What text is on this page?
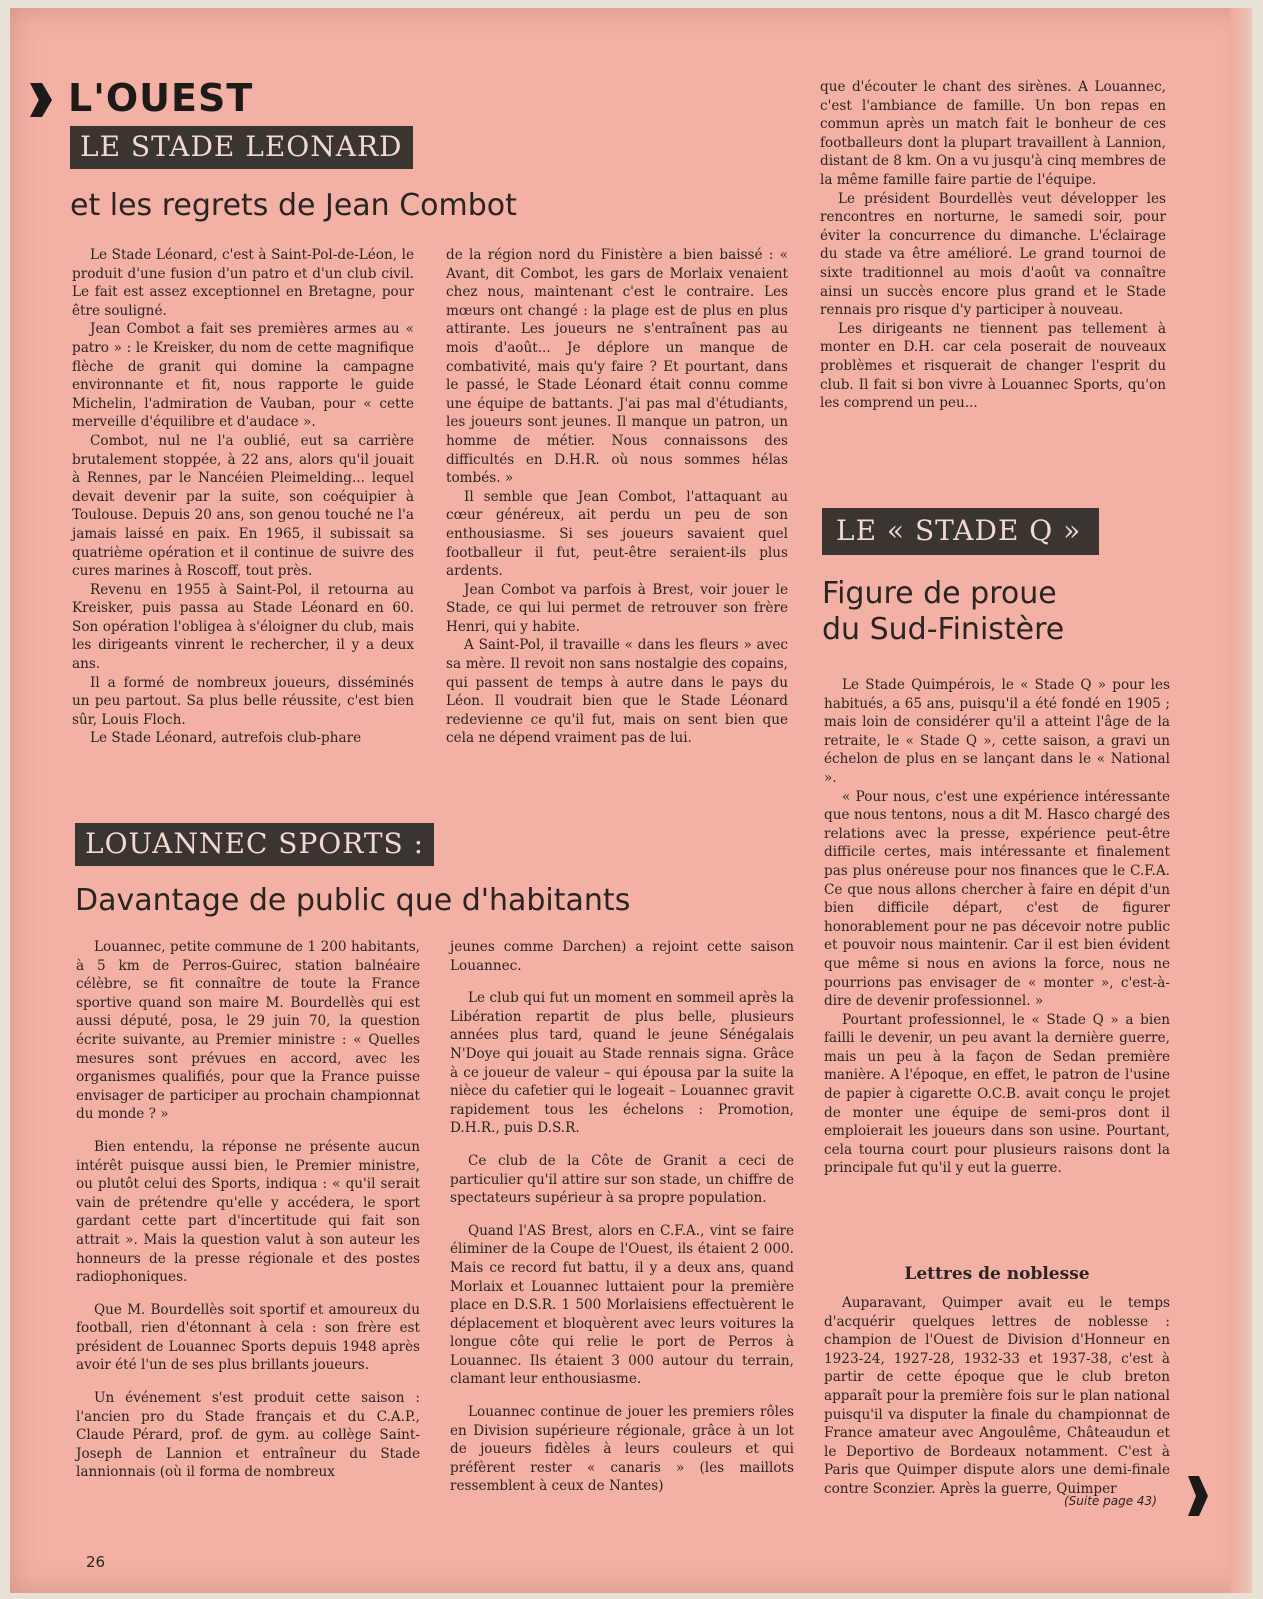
L'OUEST
LE STADE LEONARD
et les regrets de Jean Combot

Le Stade Léonard, c'est à Saint-Pol-de-Léon, le produit d'une fusion d'un patro et d'un club civil. Le fait est assez exceptionnel en Bretagne, pour être souligné.

Jean Combot a fait ses premières armes au « patro » : le Kreisker, du nom de cette magnifique flèche de granit qui domine la campagne environnante et fit, nous rapporte le guide Michelin, l'admiration de Vauban, pour « cette merveille d'équilibre et d'audace ».

Combot, nul ne l'a oublié, eut sa carrière brutalement stoppée, à 22 ans, alors qu'il jouait à Rennes, par le Nancéien Pleimelding... lequel devait devenir par la suite, son coéquipier à Toulouse. Depuis 20 ans, son genou touché ne l'a jamais laissé en paix. En 1965, il subissait sa quatrième opération et il continue de suivre des cures marines à Roscoff, tout près.

Revenu en 1955 à Saint-Pol, il retourna au Kreisker, puis passa au Stade Léonard en 60. Son opération l'obligea à s'éloigner du club, mais les dirigeants vinrent le rechercher, il y a deux ans.

Il a formé de nombreux joueurs, disséminés un peu partout. Sa plus belle réussite, c'est bien sûr, Louis Floch.

Le Stade Léonard, autrefois club-phare

de la région nord du Finistère a bien baissé : « Avant, dit Combot, les gars de Morlaix venaient chez nous, maintenant c'est le contraire. Les mœurs ont changé : la plage est de plus en plus attirante. Les joueurs ne s'entraînent pas au mois d'août... Je déplore un manque de combativité, mais qu'y faire ? Et pourtant, dans le passé, le Stade Léonard était connu comme une équipe de battants. J'ai pas mal d'étudiants, les joueurs sont jeunes. Il manque un patron, un homme de métier. Nous connaissons des difficultés en D.H.R. où nous sommes hélas tombés. »

Il semble que Jean Combot, l'attaquant au cœur généreux, ait perdu un peu de son enthousiasme. Si ses joueurs savaient quel footballeur il fut, peut-être seraient-ils plus ardents.

Jean Combot va parfois à Brest, voir jouer le Stade, ce qui lui permet de retrouver son frère Henri, qui y habite.

A Saint-Pol, il travaille « dans les fleurs » avec sa mère. Il revoit non sans nostalgie des copains, qui passent de temps à autre dans le pays du Léon. Il voudrait bien que le Stade Léonard redevienne ce qu'il fut, mais on sent bien que cela ne dépend vraiment pas de lui.

LOUANNEC SPORTS :
Davantage de public que d'habitants

Louannec, petite commune de 1 200 habitants, à 5 km de Perros-Guirec, station balnéaire célèbre, se fit connaître de toute la France sportive quand son maire M. Bourdellès qui est aussi député, posa, le 29 juin 70, la question écrite suivante, au Premier ministre : « Quelles mesures sont prévues en accord, avec les organismes qualifiés, pour que la France puisse envisager de participer au prochain championnat du monde ? »

Bien entendu, la réponse ne présente aucun intérêt puisque aussi bien, le Premier ministre, ou plutôt celui des Sports, indiqua : « qu'il serait vain de prétendre qu'elle y accédera, le sport gardant cette part d'incertitude qui fait son attrait ». Mais la question valut à son auteur les honneurs de la presse régionale et des postes radiophoniques.

Que M. Bourdellès soit sportif et amoureux du football, rien d'étonnant à cela : son frère est président de Louannec Sports depuis 1948 après avoir été l'un de ses plus brillants joueurs.

Un événement s'est produit cette saison : l'ancien pro du Stade français et du C.A.P., Claude Pérard, prof. de gym. au collège Saint-Joseph de Lannion et entraîneur du Stade lannionnais (où il forma de nombreux

jeunes comme Darchen) a rejoint cette saison Louannec.

Le club qui fut un moment en sommeil après la Libération repartit de plus belle, plusieurs années plus tard, quand le jeune Sénégalais N'Doye qui jouait au Stade rennais signa. Grâce à ce joueur de valeur – qui épousa par la suite la nièce du cafetier qui le logeait – Louannec gravit rapidement tous les échelons : Promotion, D.H.R., puis D.S.R.

Ce club de la Côte de Granit a ceci de particulier qu'il attire sur son stade, un chiffre de spectateurs supérieur à sa propre population.

Quand l'AS Brest, alors en C.F.A., vint se faire éliminer de la Coupe de l'Ouest, ils étaient 2 000. Mais ce record fut battu, il y a deux ans, quand Morlaix et Louannec luttaient pour la première place en D.S.R. 1 500 Morlaisiens effectuèrent le déplacement et bloquèrent avec leurs voitures la longue côte qui relie le port de Perros à Louannec. Ils étaient 3 000 autour du terrain, clamant leur enthousiasme.

Louannec continue de jouer les premiers rôles en Division supérieure régionale, grâce à un lot de joueurs fidèles à leurs couleurs et qui préfèrent rester « canaris » (les maillots ressemblent à ceux de Nantes)

que d'écouter le chant des sirènes. A Louannec, c'est l'ambiance de famille. Un bon repas en commun après un match fait le bonheur de ces footballeurs dont la plupart travaillent à Lannion, distant de 8 km. On a vu jusqu'à cinq membres de la même famille faire partie de l'équipe.

Le président Bourdellès veut développer les rencontres en norturne, le samedi soir, pour éviter la concurrence du dimanche. L'éclairage du stade va être amélioré. Le grand tournoi de sixte traditionnel au mois d'août va connaître ainsi un succès encore plus grand et le Stade rennais pro risque d'y participer à nouveau.

Les dirigeants ne tiennent pas tellement à monter en D.H. car cela poserait de nouveaux problèmes et risquerait de changer l'esprit du club. Il fait si bon vivre à Louannec Sports, qu'on les comprend un peu...

LE « STADE Q »
Figure de proue
du Sud-Finistère

Le Stade Quimpérois, le « Stade Q » pour les habitués, a 65 ans, puisqu'il a été fondé en 1905 ; mais loin de considérer qu'il a atteint l'âge de la retraite, le « Stade Q », cette saison, a gravi un échelon de plus en se lançant dans le « National ».

« Pour nous, c'est une expérience intéressante que nous tentons, nous a dit M. Hasco chargé des relations avec la presse, expérience peut-être difficile certes, mais intéressante et finalement pas plus onéreuse pour nos finances que le C.F.A. Ce que nous allons chercher à faire en dépit d'un bien difficile départ, c'est de figurer honorablement pour ne pas décevoir notre public et pouvoir nous maintenir. Car il est bien évident que même si nous en avions la force, nous ne pourrions pas envisager de « monter », c'est-à-dire de devenir professionnel. »

Pourtant professionnel, le « Stade Q » a bien failli le devenir, un peu avant la dernière guerre, mais un peu à la façon de Sedan première manière. A l'époque, en effet, le patron de l'usine de papier à cigarette O.C.B. avait conçu le projet de monter une équipe de semi-pros dont il emploierait les joueurs dans son usine. Pourtant, cela tourna court pour plusieurs raisons dont la principale fut qu'il y eut la guerre.

Lettres de noblesse

Auparavant, Quimper avait eu le temps d'acquérir quelques lettres de noblesse : champion de l'Ouest de Division d'Honneur en 1923-24, 1927-28, 1932-33 et 1937-38, c'est à partir de cette époque que le club breton apparaît pour la première fois sur le plan national puisqu'il va disputer la finale du championnat de France amateur avec Angoulême, Châteaudun et le Deportivo de Bordeaux notamment. C'est à Paris que Quimper dispute alors une demi-finale contre Sconzier. Après la guerre, Quimper

(Suite page 43)
26
